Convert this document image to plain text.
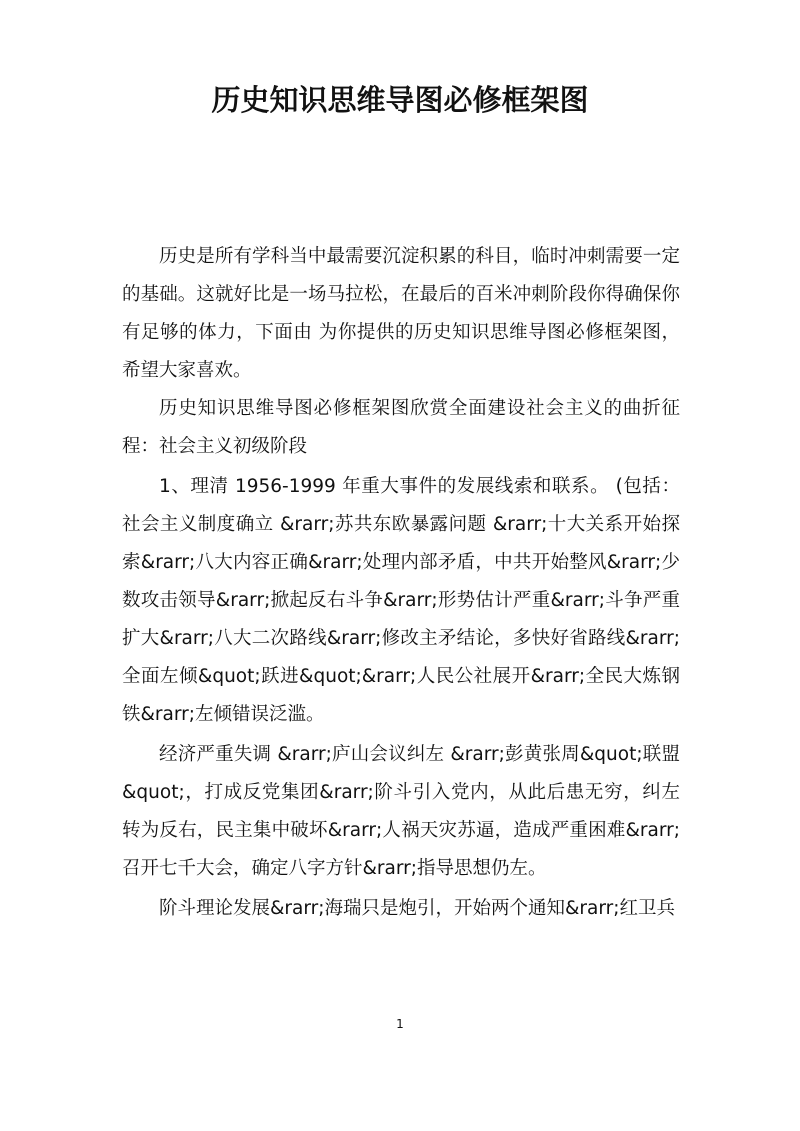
历史知识思维导图必修框架图

历史是所有学科当中最需要沉淀积累的科目，临时冲刺需要一定的基础。这就好比是一场马拉松，在最后的百米冲刺阶段你得确保你有足够的体力，下面由 为你提供的历史知识思维导图必修框架图，希望大家喜欢。

历史知识思维导图必修框架图欣赏全面建设社会主义的曲折征程：社会主义初级阶段

1、理清 1956-1999 年重大事件的发展线索和联系。 (包括：社会主义制度确立 &rarr;苏共东欧暴露问题 &rarr;十大关系开始探索&rarr;八大内容正确&rarr;处理内部矛盾，中共开始整风&rarr;少数攻击领导&rarr;掀起反右斗争&rarr;形势估计严重&rarr;斗争严重扩大&rarr;八大二次路线&rarr;修改主矛结论，多快好省路线&rarr;全面左倾&quot;跃进&quot;&rarr;人民公社展开&rarr;全民大炼钢铁&rarr;左倾错误泛滥。

经济严重失调 &rarr;庐山会议纠左 &rarr;彭黄张周&quot;联盟&quot;，打成反党集团&rarr;阶斗引入党内，从此后患无穷，纠左转为反右，民主集中破坏&rarr;人祸天灾苏逼，造成严重困难&rarr;召开七千大会，确定八字方针&rarr;指导思想仍左。

阶斗理论发展&rarr;海瑞只是炮引，开始两个通知&rarr;红卫兵

1
